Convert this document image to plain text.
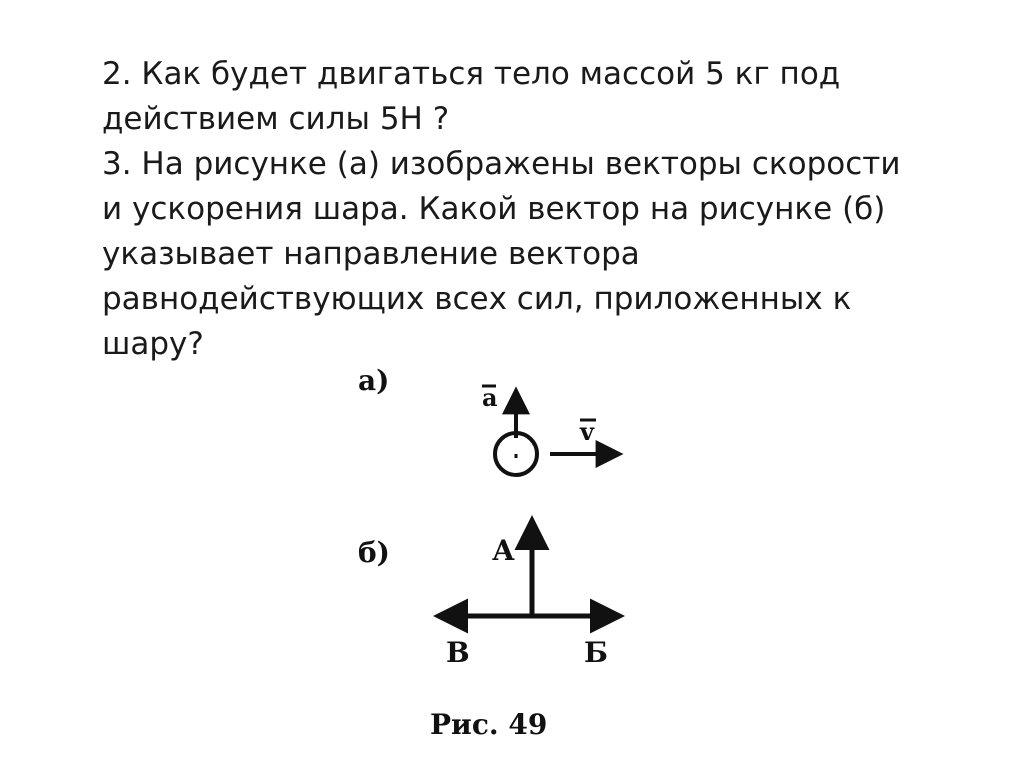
2. Как будет двигаться тело массой 5 кг под
действием силы 5Н ?
3. На рисунке (а) изображены векторы скорости
и ускорения шара. Какой вектор на рисунке (б)
указывает направление вектора
равнодействующих всех сил, приложенных к
шару?
а)
a
v
б)	А
В	Б
Рис. 49
